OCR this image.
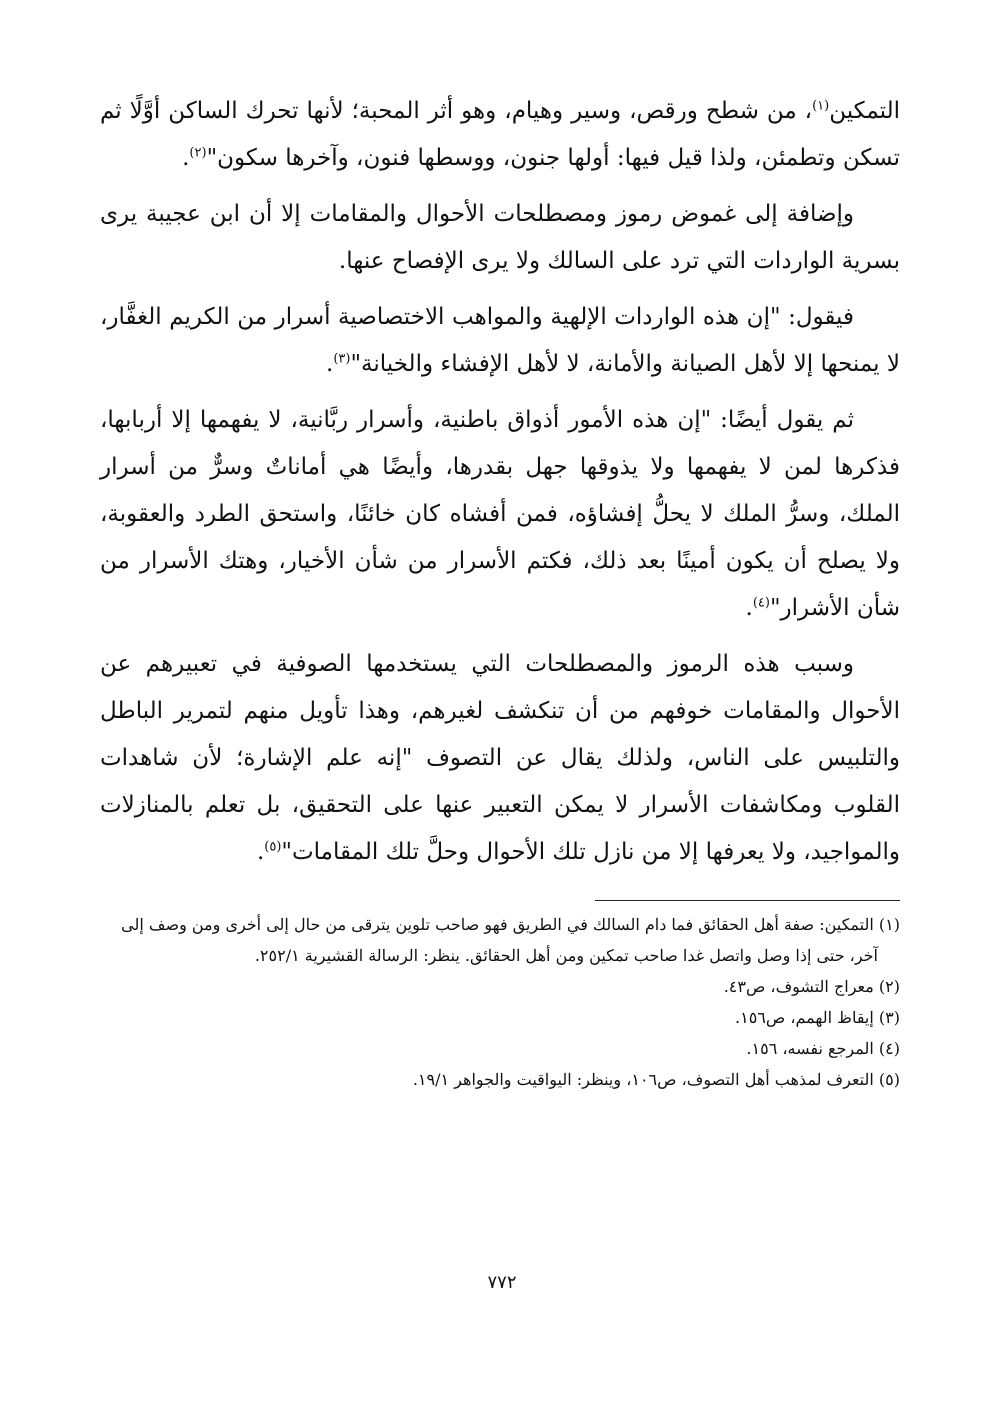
التمكين$^{(١)}$، من شطح ورقص، وسير وهيام، وهو أثر المحبة؛ لأنها تحرك الساكن أوَّلًا ثم تسكن وتطمئن، ولذا قيل فيها: أولها جنون، ووسطها فنون، وآخرها سكون"$^{(٢)}$.

وإضافة إلى غموض رموز ومصطلحات الأحوال والمقامات إلا أن ابن عجيبة يرى بسرية الواردات التي ترد على السالك ولا يرى الإفصاح عنها.

فيقول: "إن هذه الواردات الإلهية والمواهب الاختصاصية أسرار من الكريم الغفَّار، لا يمنحها إلا لأهل الصيانة والأمانة، لا لأهل الإفشاء والخيانة"$^{(٣)}$.

ثم يقول أيضًا: "إن هذه الأمور أذواق باطنية، وأسرار ربَّانية، لا يفهمها إلا أربابها، فذكرها لمن لا يفهمها ولا يذوقها جهل بقدرها، وأيضًا هي أماناتٌ وسرٌّ من أسرار الملك، وسرُّ الملك لا يحلُّ إفشاؤه، فمن أفشاه كان خائنًا، واستحق الطرد والعقوبة، ولا يصلح أن يكون أمينًا بعد ذلك، فكتم الأسرار من شأن الأخيار، وهتك الأسرار من شأن الأشرار"$^{(٤)}$.

وسبب هذه الرموز والمصطلحات التي يستخدمها الصوفية في تعبيرهم عن الأحوال والمقامات خوفهم من أن تنكشف لغيرهم، وهذا تأويل منهم لتمرير الباطل والتلبيس على الناس، ولذلك يقال عن التصوف "إنه علم الإشارة؛ لأن شاهدات القلوب ومكاشفات الأسرار لا يمكن التعبير عنها على التحقيق، بل تعلم بالمنازلات والمواجيد، ولا يعرفها إلا من نازل تلك الأحوال وحلَّ تلك المقامات"$^{(٥)}$.

(١) التمكين: صفة أهل الحقائق فما دام السالك في الطريق فهو صاحب تلوين يترقى من حال إلى أخرى ومن وصف إلى
آخر، حتى إذا وصل واتصل غدا صاحب تمكين ومن أهل الحقائق. ينظر: الرسالة القشيرية ٢٥٢/١.
(٢) معراج التشوف، ص٤٣.
(٣) إيقاظ الهمم، ص١٥٦.
(٤) المرجع نفسه، ١٥٦.
(٥) التعرف لمذهب أهل التصوف، ص١٠٦، وينظر: اليواقيت والجواهر ١٩/١.
٧٧٢
